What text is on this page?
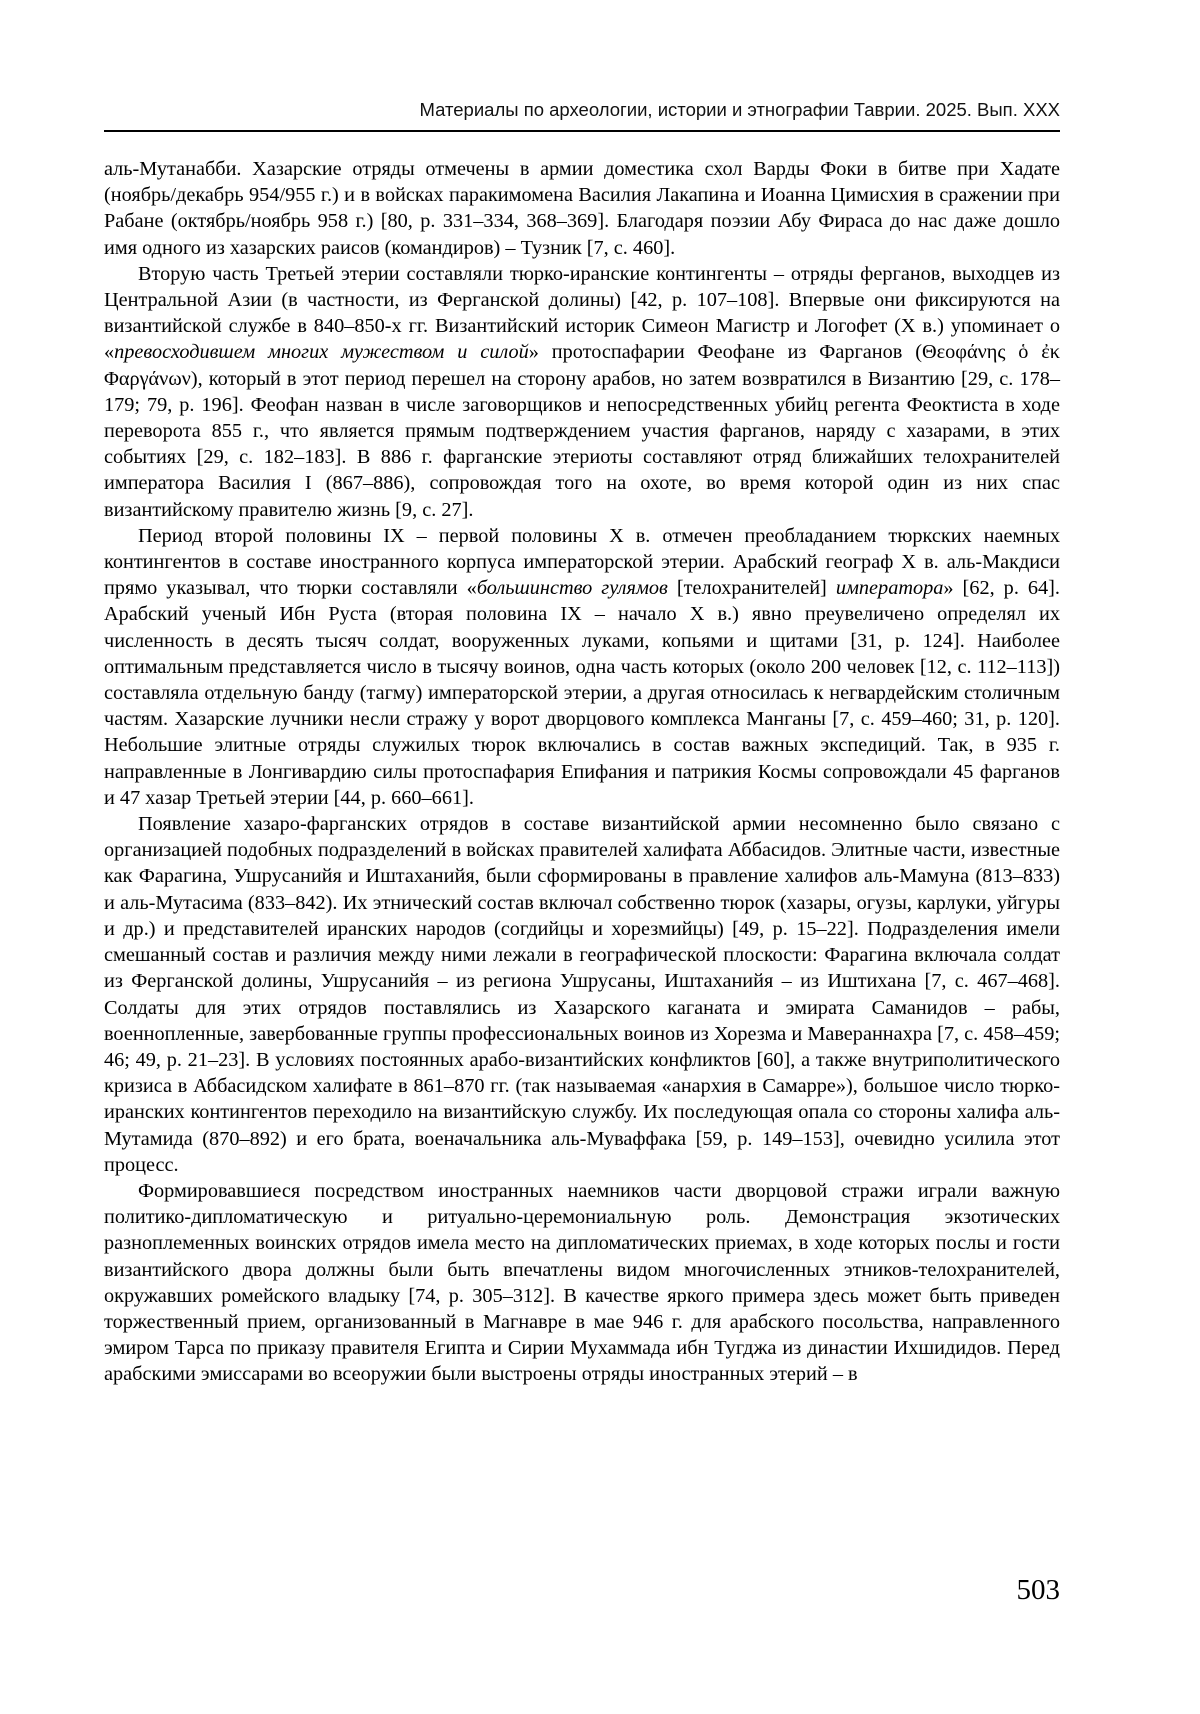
Материалы по археологии, истории и этнографии Таврии. 2025. Вып. XXX

аль-Мутанабби. Хазарские отряды отмечены в армии доместика схол Варды Фоки в битве при Хадате (ноябрь/декабрь 954/955 г.) и в войсках паракимомена Василия Лакапина и Иоанна Цимисхия в сражении при Рабане (октябрь/ноябрь 958 г.) [80, p. 331–334, 368–369]. Благодаря поэзии Абу Фираса до нас даже дошло имя одного из хазарских раисов (командиров) – Тузник [7, с. 460].

Вторую часть Третьей этерии составляли тюрко-иранские контингенты – отряды ферганов, выходцев из Центральной Азии (в частности, из Ферганской долины) [42, p. 107–108]. Впервые они фиксируются на византийской службе в 840–850-х гг. Византийский историк Симеон Магистр и Логофет (X в.) упоминает о «превосходившем многих мужеством и силой» протоспафарии Феофане из Фарганов (Θεοφάνης ὁ ἐκ Φαργάνων), который в этот период перешел на сторону арабов, но затем возвратился в Византию [29, с. 178–179; 79, p. 196]. Феофан назван в числе заговорщиков и непосредственных убийц регента Феоктиста в ходе переворота 855 г., что является прямым подтверждением участия фарганов, наряду с хазарами, в этих событиях [29, с. 182–183]. В 886 г. фарганские этериоты составляют отряд ближайших телохранителей императора Василия I (867–886), сопровождая того на охоте, во время которой один из них спас византийскому правителю жизнь [9, с. 27].

Период второй половины IX – первой половины X в. отмечен преобладанием тюркских наемных контингентов в составе иностранного корпуса императорской этерии. Арабский географ X в. аль-Макдиси прямо указывал, что тюрки составляли «большинство гулямов [телохранителей] императора» [62, p. 64]. Арабский ученый Ибн Руста (вторая половина IX – начало X в.) явно преувеличено определял их численность в десять тысяч солдат, вооруженных луками, копьями и щитами [31, p. 124]. Наиболее оптимальным представляется число в тысячу воинов, одна часть которых (около 200 человек [12, с. 112–113]) составляла отдельную банду (тагму) императорской этерии, а другая относилась к негвардейским столичным частям. Хазарские лучники несли стражу у ворот дворцового комплекса Манганы [7, с. 459–460; 31, p. 120]. Небольшие элитные отряды служилых тюрок включались в состав важных экспедиций. Так, в 935 г. направленные в Лонгивардию силы протоспафария Епифания и патрикия Космы сопровождали 45 фарганов и 47 хазар Третьей этерии [44, p. 660–661].

Появление хазаро-фарганских отрядов в составе византийской армии несомненно было связано с организацией подобных подразделений в войсках правителей халифата Аббасидов. Элитные части, известные как Фарагина, Ушрусанийя и Иштаханийя, были сформированы в правление халифов аль-Мамуна (813–833) и аль-Мутасима (833–842). Их этнический состав включал собственно тюрок (хазары, огузы, карлуки, уйгуры и др.) и представителей иранских народов (согдийцы и хорезмийцы) [49, p. 15–22]. Подразделения имели смешанный состав и различия между ними лежали в географической плоскости: Фарагина включала солдат из Ферганской долины, Ушрусанийя – из региона Ушрусаны, Иштаханийя – из Иштихана [7, с. 467–468]. Солдаты для этих отрядов поставлялись из Хазарского каганата и эмирата Саманидов – рабы, военнопленные, завербованные группы профессиональных воинов из Хорезма и Мавераннахра [7, с. 458–459; 46; 49, p. 21–23]. В условиях постоянных арабо-византийских конфликтов [60], а также внутриполитического кризиса в Аббасидском халифате в 861–870 гг. (так называемая «анархия в Самарре»), большое число тюрко-иранских контингентов переходило на византийскую службу. Их последующая опала со стороны халифа аль-Мутамида (870–892) и его брата, военачальника аль-Муваффака [59, p. 149–153], очевидно усилила этот процесс.

Формировавшиеся посредством иностранных наемников части дворцовой стражи играли важную политико-дипломатическую и ритуально-церемониальную роль. Демонстрация экзотических разноплеменных воинских отрядов имела место на дипломатических приемах, в ходе которых послы и гости византийского двора должны были быть впечатлены видом многочисленных этников-телохранителей, окружавших ромейского владыку [74, p. 305–312]. В качестве яркого примера здесь может быть приведен торжественный прием, организованный в Магнавре в мае 946 г. для арабского посольства, направленного эмиром Тарса по приказу правителя Египта и Сирии Мухаммада ибн Тугджа из династии Ихшидидов. Перед арабскими эмиссарами во всеоружии были выстроены отряды иностранных этерий – в

503
